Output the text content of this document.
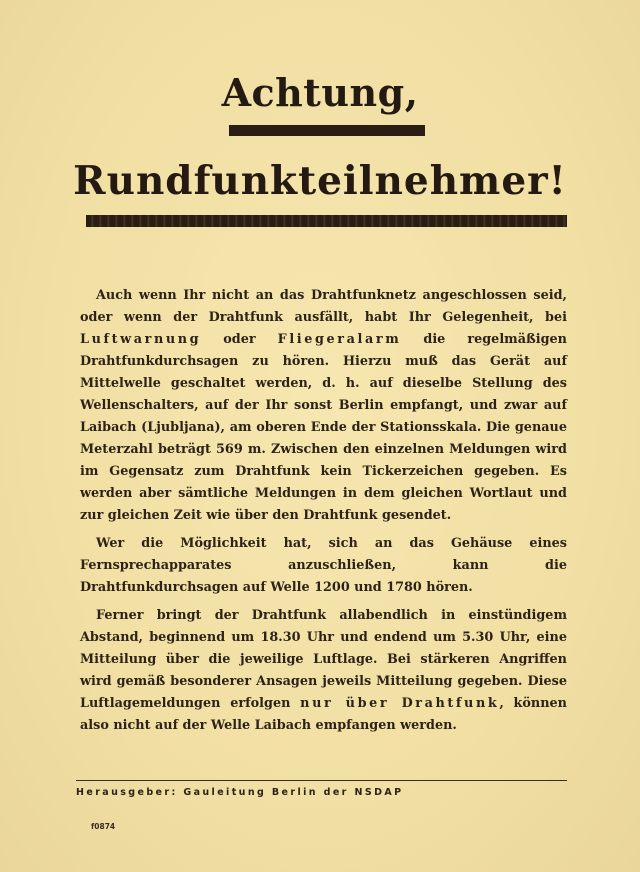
Achtung,
Rundfunkteilnehmer!

Auch wenn Ihr nicht an das Drahtfunknetz angeschlossen seid, oder wenn der Drahtfunk ausfällt, habt Ihr Gelegenheit, bei Luftwarnung oder Fliegeralarm die regelmäßigen Drahtfunkdurchsagen zu hören. Hierzu muß das Gerät auf Mittelwelle geschaltet werden, d. h. auf dieselbe Stellung des Wellenschalters, auf der Ihr sonst Berlin empfangt, und zwar auf Laibach (Ljubljana), am oberen Ende der Stationsskala. Die genaue Meterzahl beträgt 569 m. Zwischen den einzelnen Meldungen wird im Gegensatz zum Drahtfunk kein Tickerzeichen gegeben. Es werden aber sämtliche Meldungen in dem gleichen Wortlaut und zur gleichen Zeit wie über den Drahtfunk gesendet.

Wer die Möglichkeit hat, sich an das Gehäuse eines Fernsprechapparates anzuschließen, kann die Drahtfunkdurchsagen auf Welle 1200 und 1780 hören.

Ferner bringt der Drahtfunk allabendlich in einstündigem Abstand, beginnend um 18.30 Uhr und endend um 5.30 Uhr, eine Mitteilung über die jeweilige Luftlage. Bei stärkeren Angriffen wird gemäß besonderer Ansagen jeweils Mitteilung gegeben. Diese Luftlagemeldungen erfolgen nur über Drahtfunk, können also nicht auf der Welle Laibach empfangen werden.

Herausgeber: Gauleitung Berlin der NSDAP
f0874
